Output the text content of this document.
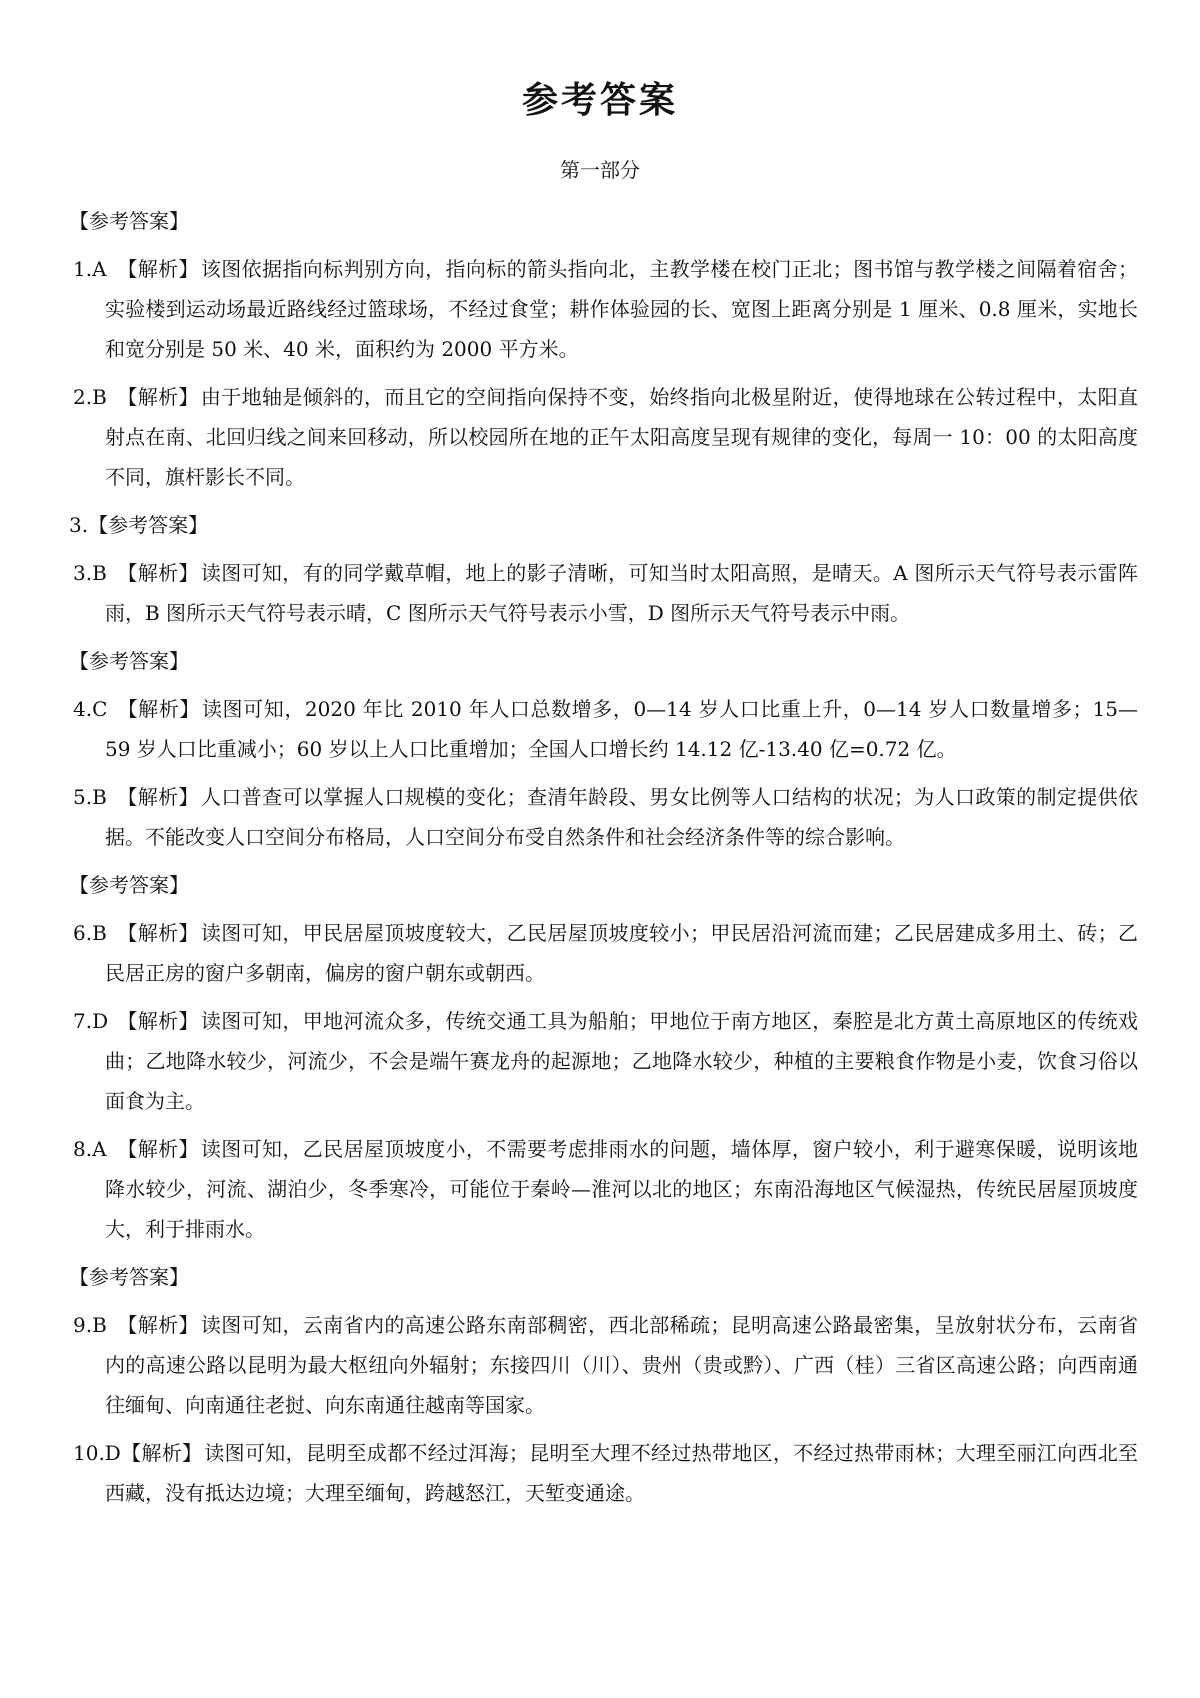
参考答案
第一部分
【参考答案】
1.A 【解析】 该图依据指向标判别方向，指向标的箭头指向北，主教学楼在校门正北；图书馆与教学楼之间隔着宿舍；实验楼到运动场最近路线经过篮球场，不经过食堂；耕作体验园的长、宽图上距离分别是 1 厘米、0.8 厘米，实地长和宽分别是 50 米、40 米，面积约为 2000 平方米。
2.B 【解析】 由于地轴是倾斜的，而且它的空间指向保持不变，始终指向北极星附近，使得地球在公转过程中，太阳直射点在南、北回归线之间来回移动，所以校园所在地的正午太阳高度呈现有规律的变化，每周一 10：00 的太阳高度不同，旗杆影长不同。
3.【参考答案】
3.B 【解析】 读图可知，有的同学戴草帽，地上的影子清晰，可知当时太阳高照，是晴天。A 图所示天气符号表示雷阵雨，B 图所示天气符号表示晴，C 图所示天气符号表示小雪，D 图所示天气符号表示中雨。
【参考答案】
4.C 【解析】 读图可知，2020 年比 2010 年人口总数增多，0—14 岁人口比重上升，0—14 岁人口数量增多；15—59 岁人口比重减小；60 岁以上人口比重增加；全国人口增长约 14.12 亿-13.40 亿=0.72 亿。
5.B 【解析】 人口普查可以掌握人口规模的变化；查清年龄段、男女比例等人口结构的状况；为人口政策的制定提供依据。不能改变人口空间分布格局，人口空间分布受自然条件和社会经济条件等的综合影响。
【参考答案】
6.B 【解析】 读图可知，甲民居屋顶坡度较大，乙民居屋顶坡度较小；甲民居沿河流而建；乙民居建成多用土、砖；乙民居正房的窗户多朝南，偏房的窗户朝东或朝西。
7.D 【解析】 读图可知，甲地河流众多，传统交通工具为船舶；甲地位于南方地区，秦腔是北方黄土高原地区的传统戏曲；乙地降水较少，河流少，不会是端午赛龙舟的起源地；乙地降水较少，种植的主要粮食作物是小麦，饮食习俗以面食为主。
8.A 【解析】 读图可知，乙民居屋顶坡度小，不需要考虑排雨水的问题，墙体厚，窗户较小，利于避寒保暖，说明该地降水较少，河流、湖泊少，冬季寒冷，可能位于秦岭—淮河以北的地区；东南沿海地区气候湿热，传统民居屋顶坡度大，利于排雨水。
【参考答案】
9.B 【解析】 读图可知，云南省内的高速公路东南部稠密，西北部稀疏；昆明高速公路最密集，呈放射状分布，云南省内的高速公路以昆明为最大枢纽向外辐射；东接四川（川）、贵州（贵或黔）、广西（桂）三省区高速公路；向西南通往缅甸、向南通往老挝、向东南通往越南等国家。
10.D【解析】 读图可知，昆明至成都不经过洱海；昆明至大理不经过热带地区，不经过热带雨林；大理至丽江向西北至西藏，没有抵达边境；大理至缅甸，跨越怒江，天堑变通途。
